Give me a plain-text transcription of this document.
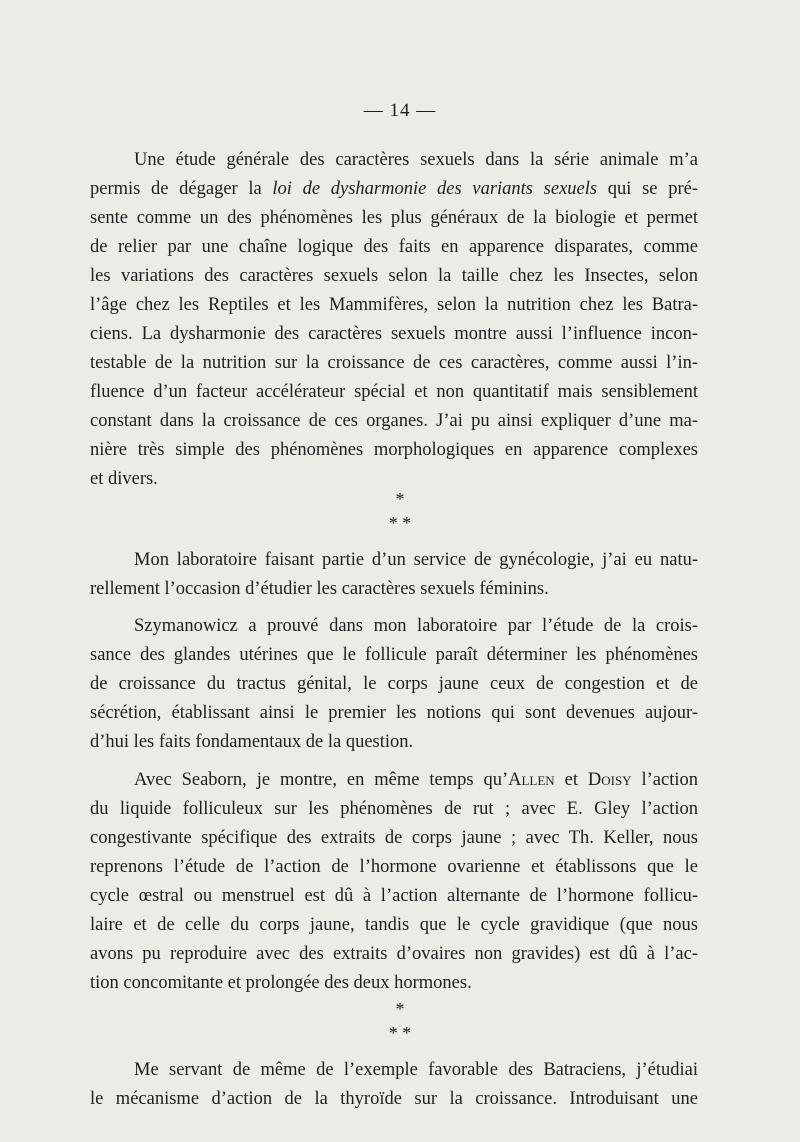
— 14 —
Une étude générale des caractères sexuels dans la série animale m’a
permis de dégager la loi de dysharmonie des variants sexuels qui se pré-
sente comme un des phénomènes les plus généraux de la biologie et permet
de relier par une chaîne logique des faits en apparence disparates, comme
les variations des caractères sexuels selon la taille chez les Insectes, selon
l’âge chez les Reptiles et les Mammifères, selon la nutrition chez les Batra-
ciens. La dysharmonie des caractères sexuels montre aussi l’influence incon-
testable de la nutrition sur la croissance de ces caractères, comme aussi l’in-
fluence d’un facteur accélérateur spécial et non quantitatif mais sensiblement
constant dans la croissance de ces organes. J’ai pu ainsi expliquer d’une ma-
nière très simple des phénomènes morphologiques en apparence complexes
et divers.
*
* *
Mon laboratoire faisant partie d’un service de gynécologie, j’ai eu natu-
rellement l’occasion d’étudier les caractères sexuels féminins.
Szymanowicz a prouvé dans mon laboratoire par l’étude de la crois-
sance des glandes utérines que le follicule paraît déterminer les phénomènes
de croissance du tractus génital, le corps jaune ceux de congestion et de
sécrétion, établissant ainsi le premier les notions qui sont devenues aujour-
d’hui les faits fondamentaux de la question.
Avec Seaborn, je montre, en même temps qu’Allen et Doisy l’action
du liquide folliculeux sur les phénomènes de rut ; avec E. Gley l’action
congestivante spécifique des extraits de corps jaune ; avec Th. Keller, nous
reprenons l’étude de l’action de l’hormone ovarienne et établissons que le
cycle œstral ou menstruel est dû à l’action alternante de l’hormone follicu-
laire et de celle du corps jaune, tandis que le cycle gravidique (que nous
avons pu reproduire avec des extraits d’ovaires non gravides) est dû à l’ac-
tion concomitante et prolongée des deux hormones.
*
* *
Me servant de même de l’exemple favorable des Batraciens, j’étudiai
le mécanisme d’action de la thyroïde sur la croissance. Introduisant une
